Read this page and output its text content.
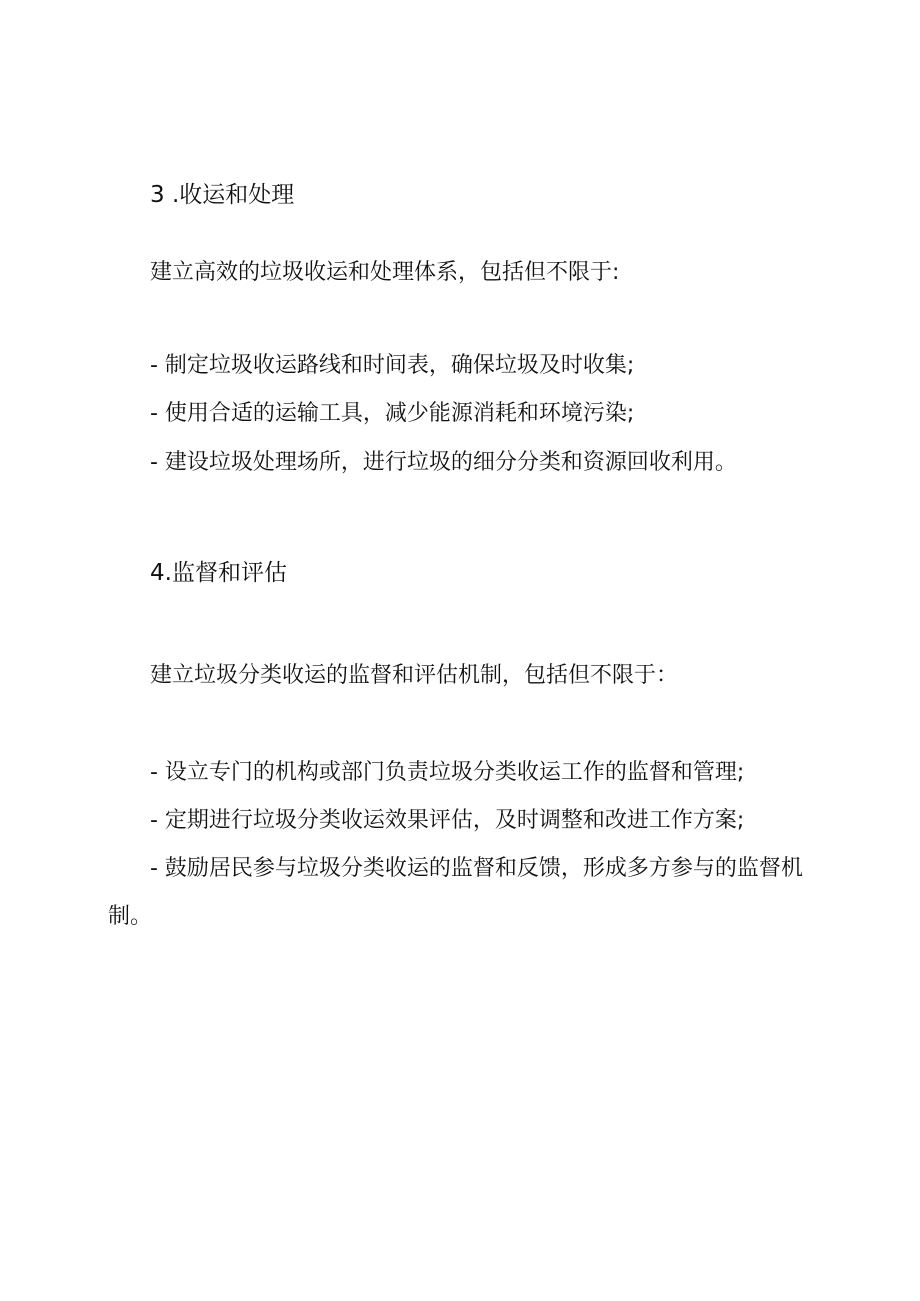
3 .收运和处理
建立高效的垃圾收运和处理体系，包括但不限于:
- 制定垃圾收运路线和时间表，确保垃圾及时收集;
- 使用合适的运输工具，减少能源消耗和环境污染;
- 建设垃圾处理场所，进行垃圾的细分分类和资源回收利用。
4.监督和评估
建立垃圾分类收运的监督和评估机制，包括但不限于：
- 设立专门的机构或部门负责垃圾分类收运工作的监督和管理;
- 定期进行垃圾分类收运效果评估，及时调整和改进工作方案;
- 鼓励居民参与垃圾分类收运的监督和反馈，形成多方参与的监督机制。
